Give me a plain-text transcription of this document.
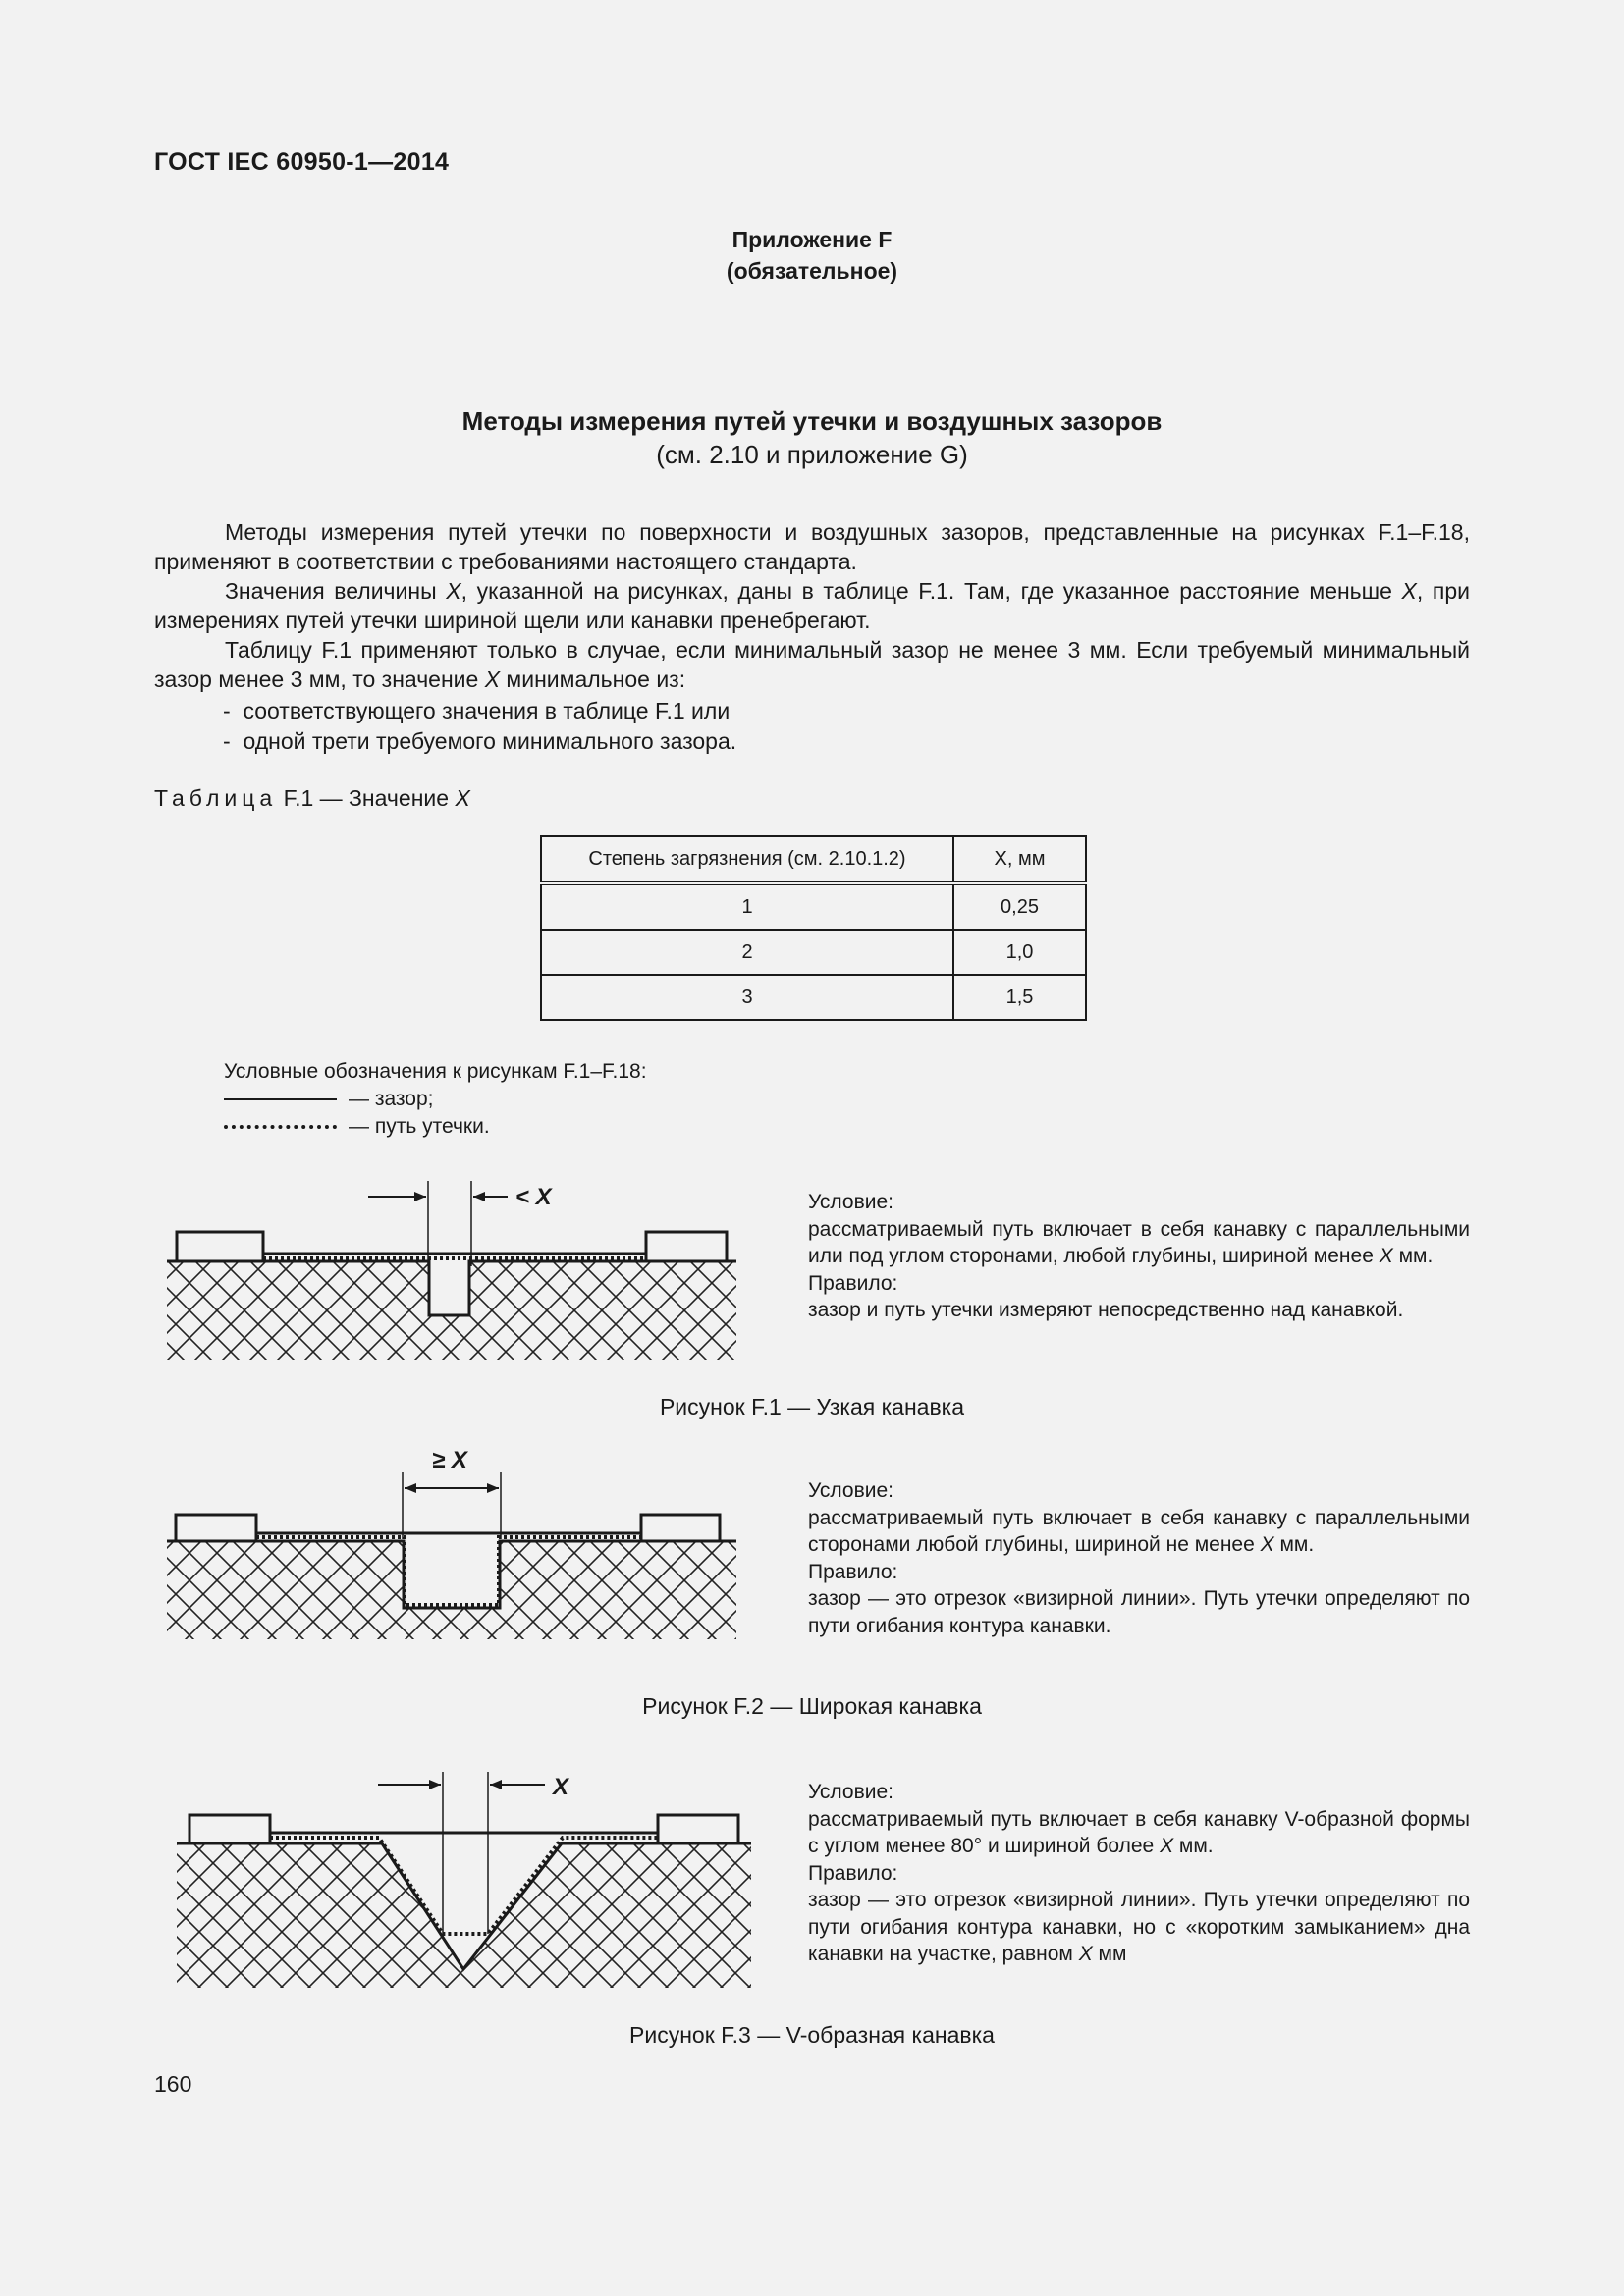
ГОСТ IEC 60950-1—2014
Приложение F
(обязательное)
Методы измерения путей утечки и воздушных зазоров
(см. 2.10 и приложение G)

Методы измерения путей утечки по поверхности и воздушных зазоров, представленные на рисунках F.1–F.18, применяют в соответствии с требованиями настоящего стандарта.

Значения величины X, указанной на рисунках, даны в таблице F.1. Там, где указанное расстояние меньше X, при измерениях путей утечки шириной щели или канавки пренебрегают.

Таблицу F.1 применяют только в случае, если минимальный зазор не менее 3 мм. Если требуемый минимальный зазор менее 3 мм, то значение X минимальное из:

-  соответствующего значения в таблице F.1 или
-  одной трети требуемого минимального зазора.
Таблица F.1 — Значение X
Степень загрязнения (см. 2.10.1.2)	X, мм
1	0,25
2	1,0
3	1,5
Условные обозначения к рисункам F.1–F.18:
— зазор;
— путь утечки.
< X	Условие:
рассматриваемый путь включает в себя канавку с параллельными или под углом сторонами, любой глубины, шириной менее X мм.
Правило:
зазор и путь утечки измеряют непосредственно над канавкой.
Рисунок F.1 — Узкая канавка
≥ X
Условие:
рассматриваемый путь включает в себя канавку с параллельными сторонами любой глубины, шириной не менее X мм.
Правило:
зазор — это отрезок «визирной линии». Путь утечки определяют по пути огибания контура канавки.
Рисунок F.2 — Широкая канавка
X	Условие:
рассматриваемый путь включает в себя канавку V-образной формы с углом менее 80° и шириной более X мм.
Правило:
зазор — это отрезок «визирной линии». Путь утечки определяют по пути огибания контура канавки, но с «коротким замыканием» дна канавки на участке, равном X мм
Рисунок F.3 — V-образная канавка
160
